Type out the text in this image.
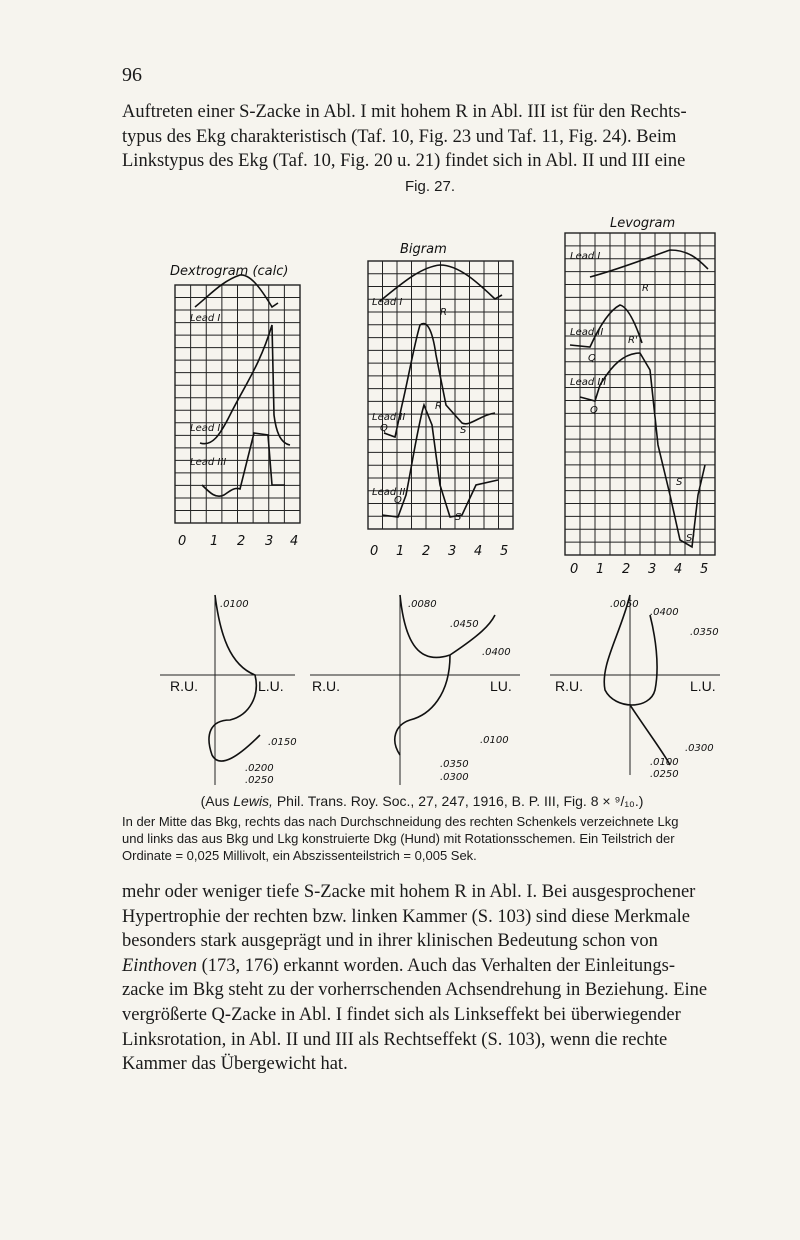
96
Auftreten einer S-Zacke in Abl. I mit hohem R in Abl. III ist für den Rechts-
typus des Ekg charakteristisch (Taf. 10, Fig. 23 und Taf. 11, Fig. 24). Beim
Linkstypus des Ekg (Taf. 10, Fig. 20 u. 21) findet sich in Abl. II und III eine
Fig. 27.
Dextrogram (calc)
Lead I
Lead II
Lead III
0 1 2 3 4
Bigram
Lead I
Lead II
Lead III
R
R
S
S
Q
Q
0 1 2 3 4 5
Levogram
Lead I
Lead II
Lead III
R
R'
Q
Q
S
S'
0 1 2 3 4 5
R.U.	L.U.
.0100
.0150
.0200
.0250
R.U.	LU.
.0080
.0450
.0400
.0100
.0350
.0300
R.U.	L.U.
.0050
.0400
.0350
.0300
.0100
.0250
(Aus Lewis, Phil. Trans. Roy. Soc., 27, 247, 1916, B. P. III, Fig. 8 × ⁹/₁₀.)
In der Mitte das Bkg, rechts das nach Durchschneidung des rechten Schenkels verzeichnete Lkg
und links das aus Bkg und Lkg konstruierte Dkg (Hund) mit Rotationsschemen. Ein Teilstrich der
Ordinate = 0,025 Millivolt, ein Abszissenteilstrich = 0,005 Sek.
mehr oder weniger tiefe S-Zacke mit hohem R in Abl. I. Bei ausgesprochener
Hypertrophie der rechten bzw. linken Kammer (S. 103) sind diese Merkmale
besonders stark ausgeprägt und in ihrer klinischen Bedeutung schon von
Einthoven (173, 176) erkannt worden. Auch das Verhalten der Einleitungs-
zacke im Bkg steht zu der vorherrschenden Achsendrehung in Beziehung. Eine
vergrößerte Q-Zacke in Abl. I findet sich als Linkseffekt bei überwiegender
Linksrotation, in Abl. II und III als Rechtseffekt (S. 103), wenn die rechte
Kammer das Übergewicht hat.
